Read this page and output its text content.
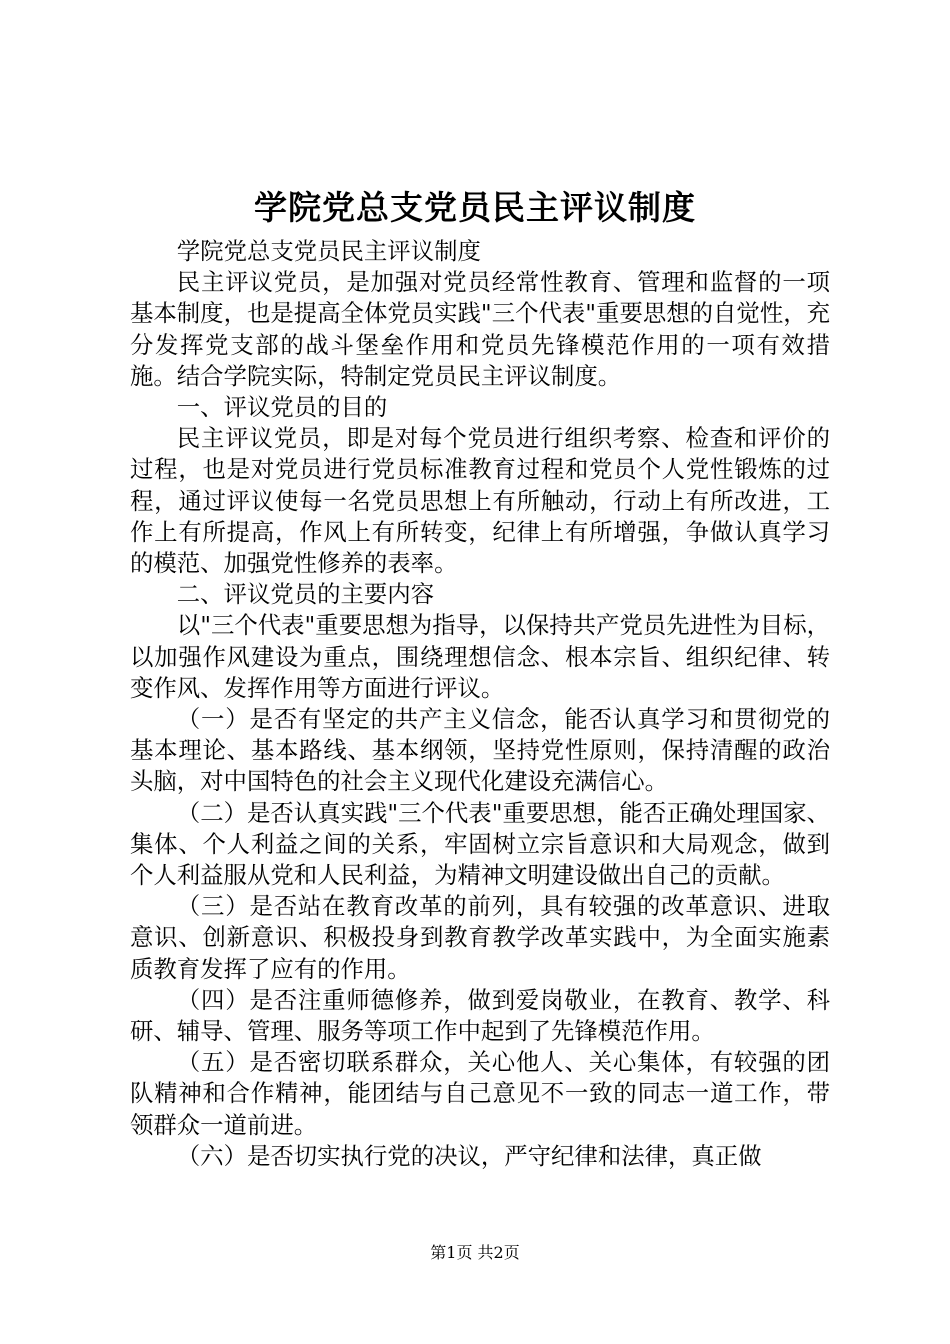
学院党总支党员民主评议制度

学院党总支党员民主评议制度

民主评议党员，是加强对党员经常性教育、管理和监督的一项基本制度，也是提高全体党员实践"三个代表"重要思想的自觉性，充分发挥党支部的战斗堡垒作用和党员先锋模范作用的一项有效措施。结合学院实际，特制定党员民主评议制度。

一、评议党员的目的

民主评议党员，即是对每个党员进行组织考察、检查和评价的过程，也是对党员进行党员标准教育过程和党员个人党性锻炼的过程，通过评议使每一名党员思想上有所触动，行动上有所改进，工作上有所提高，作风上有所转变，纪律上有所增强，争做认真学习的模范、加强党性修养的表率。

二、评议党员的主要内容

以"三个代表"重要思想为指导，以保持共产党员先进性为目标，以加强作风建设为重点，围绕理想信念、根本宗旨、组织纪律、转变作风、发挥作用等方面进行评议。

（一）是否有坚定的共产主义信念，能否认真学习和贯彻党的基本理论、基本路线、基本纲领，坚持党性原则，保持清醒的政治头脑，对中国特色的社会主义现代化建设充满信心。

（二）是否认真实践"三个代表"重要思想，能否正确处理国家、集体、个人利益之间的关系，牢固树立宗旨意识和大局观念，做到个人利益服从党和人民利益，为精神文明建设做出自己的贡献。

（三）是否站在教育改革的前列，具有较强的改革意识、进取意识、创新意识、积极投身到教育教学改革实践中，为全面实施素质教育发挥了应有的作用。

（四）是否注重师德修养，做到爱岗敬业，在教育、教学、科研、辅导、管理、服务等项工作中起到了先锋模范作用。

（五）是否密切联系群众，关心他人、关心集体，有较强的团队精神和合作精神，能团结与自己意见不一致的同志一道工作，带领群众一道前进。

（六）是否切实执行党的决议，严守纪律和法律，真正做

第1页 共2页
